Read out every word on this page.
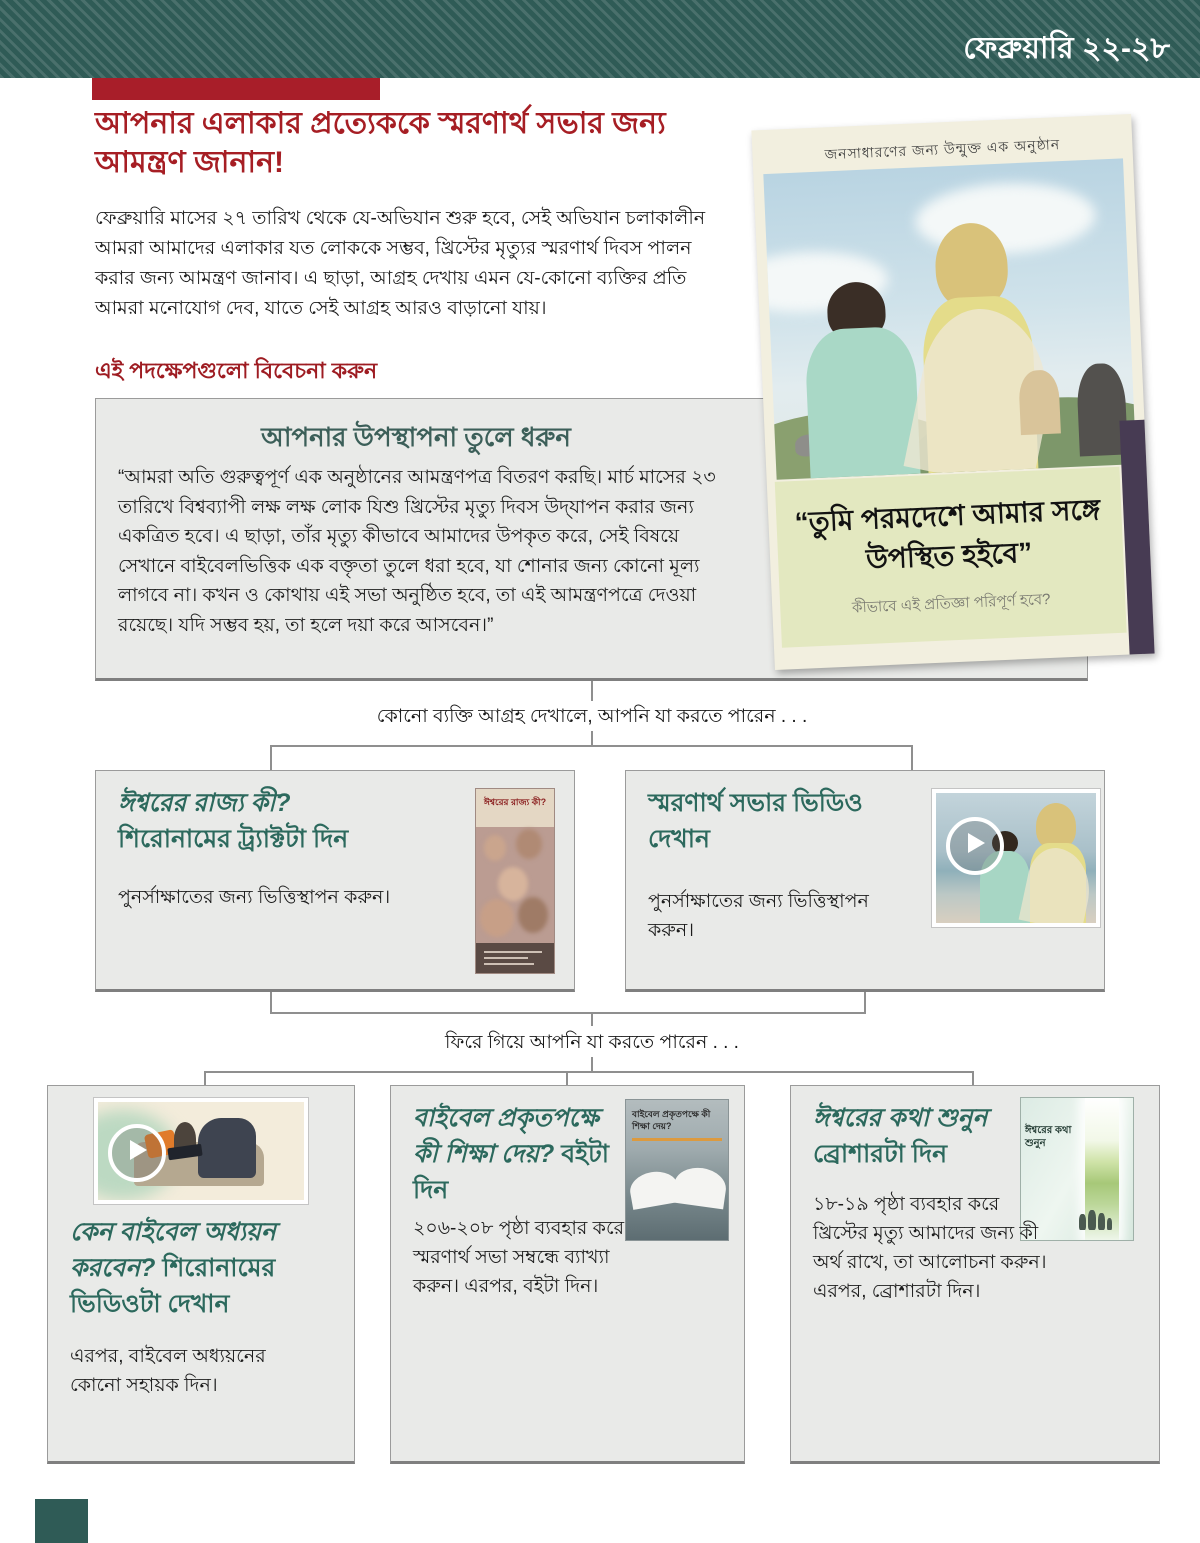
ফেব্রুয়ারি ২২-২৮
আপনার এলাকার প্রত্যেককে স্মরণার্থ সভার জন্য আমন্ত্রণ জানান!
ফেব্রুয়ারি মাসের ২৭ তারিখ থেকে যে-অভিযান শুরু হবে, সেই অভিযান চলাকালীন আমরা আমাদের এলাকার যত লোককে সম্ভব, খ্রিস্টের মৃত্যুর স্মরণার্থ দিবস পালন করার জন্য আমন্ত্রণ জানাব। এ ছাড়া, আগ্রহ দেখায় এমন যে-কোনো ব্যক্তির প্রতি আমরা মনোযোগ দেব, যাতে সেই আগ্রহ আরও বাড়ানো যায়।
এই পদক্ষেপগুলো বিবেচনা করুন
আপনার উপস্থাপনা তুলে ধরুন
“আমরা অতি গুরুত্বপূর্ণ এক অনুষ্ঠানের আমন্ত্রণপত্র বিতরণ করছি। মার্চ মাসের ২৩ তারিখে বিশ্বব্যাপী লক্ষ লক্ষ লোক যিশু খ্রিস্টের মৃত্যু দিবস উদ্‌যাপন করার জন্য একত্রিত হবে। এ ছাড়া, তাঁর মৃত্যু কীভাবে আমাদের উপকৃত করে, সেই বিষয়ে সেখানে বাইবেলভিত্তিক এক বক্তৃতা তুলে ধরা হবে, যা শোনার জন্য কোনো মূল্য লাগবে না। কখন ও কোথায় এই সভা অনুষ্ঠিত হবে, তা এই আমন্ত্রণপত্রে দেওয়া রয়েছে। যদি সম্ভব হয়, তা হলে দয়া করে আসবেন।”
জনসাধারণের জন্য উন্মুক্ত এক অনুষ্ঠান
“তুমি পরমদেশে আমার সঙ্গে উপস্থিত হইবে”
কীভাবে এই প্রতিজ্ঞা পরিপূর্ণ হবে?
কোনো ব্যক্তি আগ্রহ দেখালে, আপনি যা করতে পারেন . . .
ঈশ্বরের রাজ্য কী?
শিরোনামের ট্র্যাক্টটা দিন
পুনর্সাক্ষাতের জন্য ভিত্তিস্থাপন করুন।
ঈশ্বরের রাজ্য কী?	স্মরণার্থ সভার ভিডিও দেখান
পুনর্সাক্ষাতের জন্য ভিত্তিস্থাপন করুন।
ফিরে গিয়ে আপনি যা করতে পারেন . . .
কেন বাইবেল অধ্যয়ন করবেন? শিরোনামের ভিডিওটা দেখান
এরপর, বাইবেল অধ্যয়নের কোনো সহায়ক দিন।
বাইবেল প্রকৃতপক্ষে কী শিক্ষা দেয়? বইটা দিন
বাইবেল প্রকৃতপক্ষে কী শিক্ষা দেয়?
২০৬-২০৮ পৃষ্ঠা ব্যবহার করে স্মরণার্থ সভা সম্বন্ধে ব্যাখ্যা করুন। এরপর, বইটা দিন।
ঈশ্বরের কথা শুনুন
ব্রোশারটা দিন
ঈশ্বরের কথা শুনুন
১৮-১৯ পৃষ্ঠা ব্যবহার করে খ্রিস্টের মৃত্যু আমাদের জন্য কী অর্থ রাখে, তা আলোচনা করুন। এরপর, ব্রোশারটা দিন।
